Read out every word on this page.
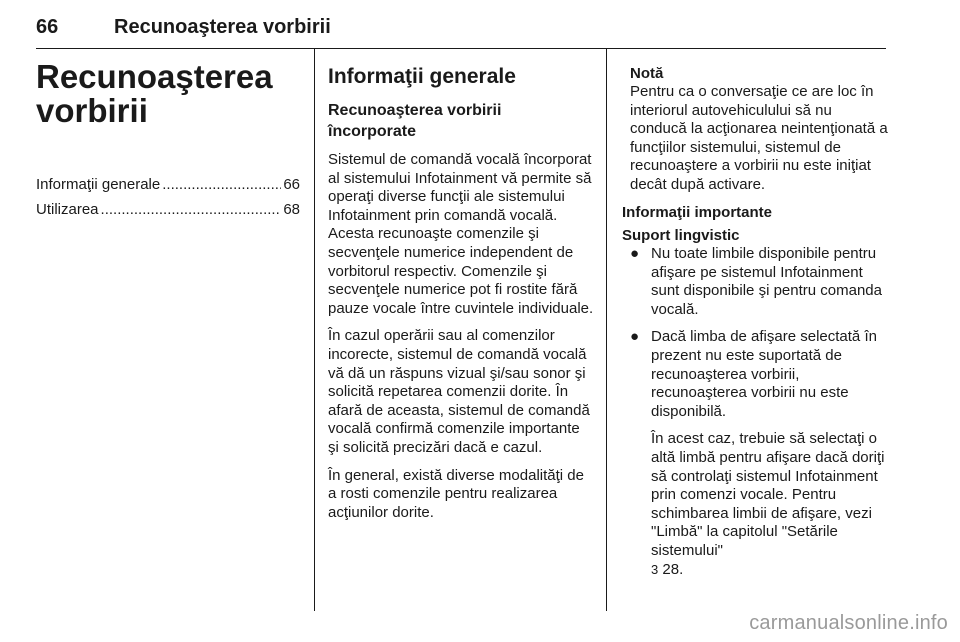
66	Recunoaşterea vorbirii
Recunoaşterea
vorbirii
Informaţii generale .....	66
Utilizarea .....	68
Informaţii generale
Recunoaşterea vorbirii
încorporate

Sistemul de comandă vocală încorporat al sistemului Infotainment vă permite să operaţi diverse funcţii ale sistemului Infotainment prin comandă vocală. Acesta recunoaşte comenzile şi secvenţele numerice independent de vorbitorul respectiv. Comenzile şi secvenţele numerice pot fi rostite fără pauze vocale între cuvintele individuale.

În cazul operării sau al comenzilor incorecte, sistemul de comandă vocală vă dă un răspuns vizual şi/sau sonor şi solicită repetarea comenzii dorite. În afară de aceasta, sistemul de comandă vocală confirmă comenzile importante şi solicită precizări dacă e cazul.

În general, există diverse modalităţi de a rosti comenzile pentru realizarea acţiunilor dorite.

Notă
Pentru ca o conversaţie ce are loc în interiorul autovehiculului să nu conducă la acţionarea neintenţionată a funcţiilor sistemului, sistemul de recunoaştere a vorbirii nu este iniţiat decât după activare.
Informaţii importante
Suport lingvistic
● Nu toate limbile disponibile pentru afişare pe sistemul Infotainment sunt disponibile şi pentru comanda vocală.
● Dacă limba de afişare selectată în prezent nu este suportată de recunoaşterea vorbirii, recunoaşterea vorbirii nu este disponibilă.
În acest caz, trebuie să selectaţi o altă limbă pentru afişare dacă doriţi să controlaţi sistemul Infotainment prin comenzi vocale. Pentru schimbarea limbii de afişare, vezi "Limbă" la capitolul "Setările sistemului"
3 28.
carmanualsonline.info
